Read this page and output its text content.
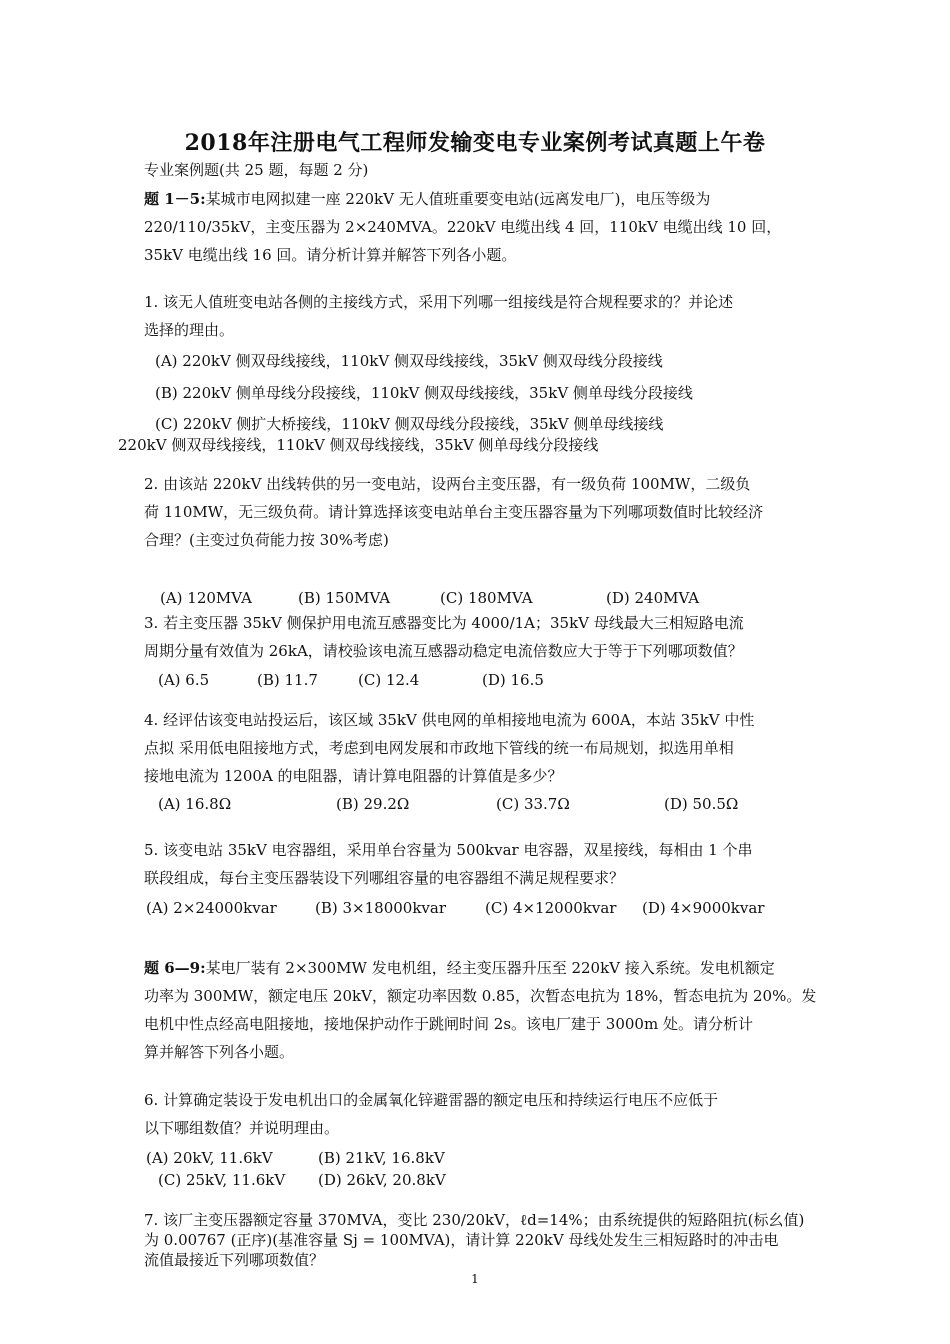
2018年注册电气工程师发输变电专业案例考试真题上午卷
专业案例题(共 25 题，每题 2 分)
题 1－5:某城市电网拟建一座 220kV 无人值班重要变电站(远离发电厂)，电压等级为
220/110/35kV，主变压器为 2×240MVA。220kV 电缆出线 4 回，110kV 电缆出线 10 回，
35kV 电缆出线 16 回。请分析计算并解答下列各小题。
1. 该无人值班变电站各侧的主接线方式，采用下列哪一组接线是符合规程要求的？并论述
选择的理由。
(A) 220kV 侧双母线接线，110kV 侧双母线接线，35kV 侧双母线分段接线
(B) 220kV 侧单母线分段接线，110kV 侧双母线接线，35kV 侧单母线分段接线
(C) 220kV 侧扩大桥接线，110kV 侧双母线分段接线，35kV 侧单母线接线
220kV 侧双母线接线，110kV 侧双母线接线，35kV 侧单母线分段接线
2. 由该站 220kV 出线转供的另一变电站，设两台主变压器，有一级负荷 100MW，二级负
荷 110MW，无三级负荷。请计算选择该变电站单台主变压器容量为下列哪项数值时比较经济
合理？(主变过负荷能力按 30%考虑)
(A) 120MVA	(B) 150MVA	(C) 180MVA	(D) 240MVA
3. 若主变压器 35kV 侧保护用电流互感器变比为 4000/1A；35kV 母线最大三相短路电流
周期分量有效值为 26kA，请校验该电流互感器动稳定电流倍数应大于等于下列哪项数值？
(A) 6.5	(B) 11.7	(C) 12.4	(D) 16.5
4. 经评估该变电站投运后，该区域 35kV 供电网的单相接地电流为 600A，本站 35kV 中性
点拟 采用低电阻接地方式，考虑到电网发展和市政地下管线的统一布局规划，拟选用单相
接地电流为 1200A 的电阻器，请计算电阻器的计算值是多少？
(A) 16.8Ω	(B) 29.2Ω	(C) 33.7Ω	(D) 50.5Ω
5. 该变电站 35kV 电容器组，采用单台容量为 500kvar 电容器，双星接线，每相由 1 个串
联段组成，每台主变压器装设下列哪组容量的电容器组不满足规程要求？
(A) 2×24000kvar	(B) 3×18000kvar	(C) 4×12000kvar (D) 4×9000kvar
题 6—9:某电厂装有 2×300MW 发电机组，经主变压器升压至 220kV 接入系统。发电机额定
功率为 300MW，额定电压 20kV，额定功率因数 0.85，次暂态电抗为 18%，暂态电抗为 20%。发
电机中性点经高电阻接地，接地保护动作于跳闸时间 2s。该电厂建于 3000m 处。请分析计
算并解答下列各小题。
6. 计算确定装设于发电机出口的金属氧化锌避雷器的额定电压和持续运行电压不应低于
以下哪组数值？并说明理由。
(A) 20kV, 11.6kV	(B) 21kV, 16.8kV
(C) 25kV, 11.6kV (D) 26kV, 20.8kV
7. 该厂主变压器额定容量 370MVA，变比 230/20kV，ℓd=14%；由系统提供的短路阻抗(标幺值)
为 0.00767 (正序)(基准容量 Sj = 100MVA)，请计算 220kV 母线处发生三相短路时的冲击电
流值最接近下列哪项数值？
1
